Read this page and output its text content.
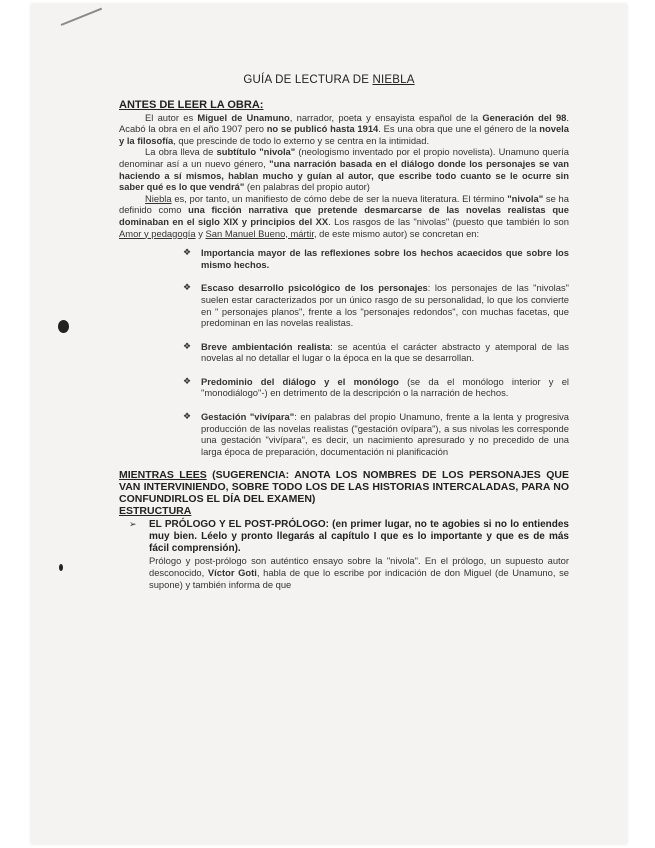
GUÍA DE LECTURA DE NIEBLA

ANTES DE LEER LA OBRA:

El autor es Miguel de Unamuno, narrador, poeta y ensayista español de la Generación del 98. Acabó la obra en el año 1907 pero no se publicó hasta 1914. Es una obra que une el género de la novela y la filosofía, que prescinde de todo lo externo y se centra en la intimidad.

La obra lleva de subtítulo "nivola" (neologismo inventado por el propio novelista). Unamuno quería denominar así a un nuevo género, "una narración basada en el diálogo donde los personajes se van haciendo a sí mismos, hablan mucho y guían al autor, que escribe todo cuanto se le ocurre sin saber qué es lo que vendrá" (en palabras del propio autor)

Niebla es, por tanto, un manifiesto de cómo debe de ser la nueva literatura. El término "nivola" se ha definido como una ficción narrativa que pretende desmarcarse de las novelas realistas que dominaban en el siglo XIX y principios del XX. Los rasgos de las "nivolas" (puesto que también lo son Amor y pedagogía y San Manuel Bueno, mártir, de este mismo autor) se concretan en:

❖ Importancia mayor de las reflexiones sobre los hechos acaecidos que sobre los mismo hechos.
❖ Escaso desarrollo psicológico de los personajes: los personajes de las "nivolas" suelen estar caracterizados por un único rasgo de su personalidad, lo que los convierte en " personajes planos", frente a los "personajes redondos", con muchas facetas, que predominan en las novelas realistas.
❖ Breve ambientación realista: se acentúa el carácter abstracto y atemporal de las novelas al no detallar el lugar o la época en la que se desarrollan.
❖ Predominio del diálogo y el monólogo (se da el monólogo interior y el "monodiálogo"-) en detrimento de la descripción o la narración de hechos.
❖ Gestación "vivípara": en palabras del propio Unamuno, frente a la lenta y progresiva producción de las novelas realistas ("gestación ovípara"), a sus nivolas les corresponde una gestación "vivípara", es decir, un nacimiento apresurado y no precedido de una larga época de preparación, documentación ni planificación

MIENTRAS LEES (SUGERENCIA: ANOTA LOS NOMBRES DE LOS PERSONAJES QUE VAN INTERVINIENDO, SOBRE TODO LOS DE LAS HISTORIAS INTERCALADAS, PARA NO CONFUNDIRLOS EL DÍA DEL EXAMEN)

ESTRUCTURA

➢ EL PRÓLOGO Y EL POST-PRÓLOGO: (en primer lugar, no te agobies si no lo entiendes muy bien. Léelo y pronto llegarás al capítulo I que es lo importante y que es de más fácil comprensión).

Prólogo y post-prólogo son auténtico ensayo sobre la "nivola". En el prólogo, un supuesto autor desconocido, Víctor Goti, habla de que lo escribe por indicación de don Miguel (de Unamuno, se supone) y también informa de que
